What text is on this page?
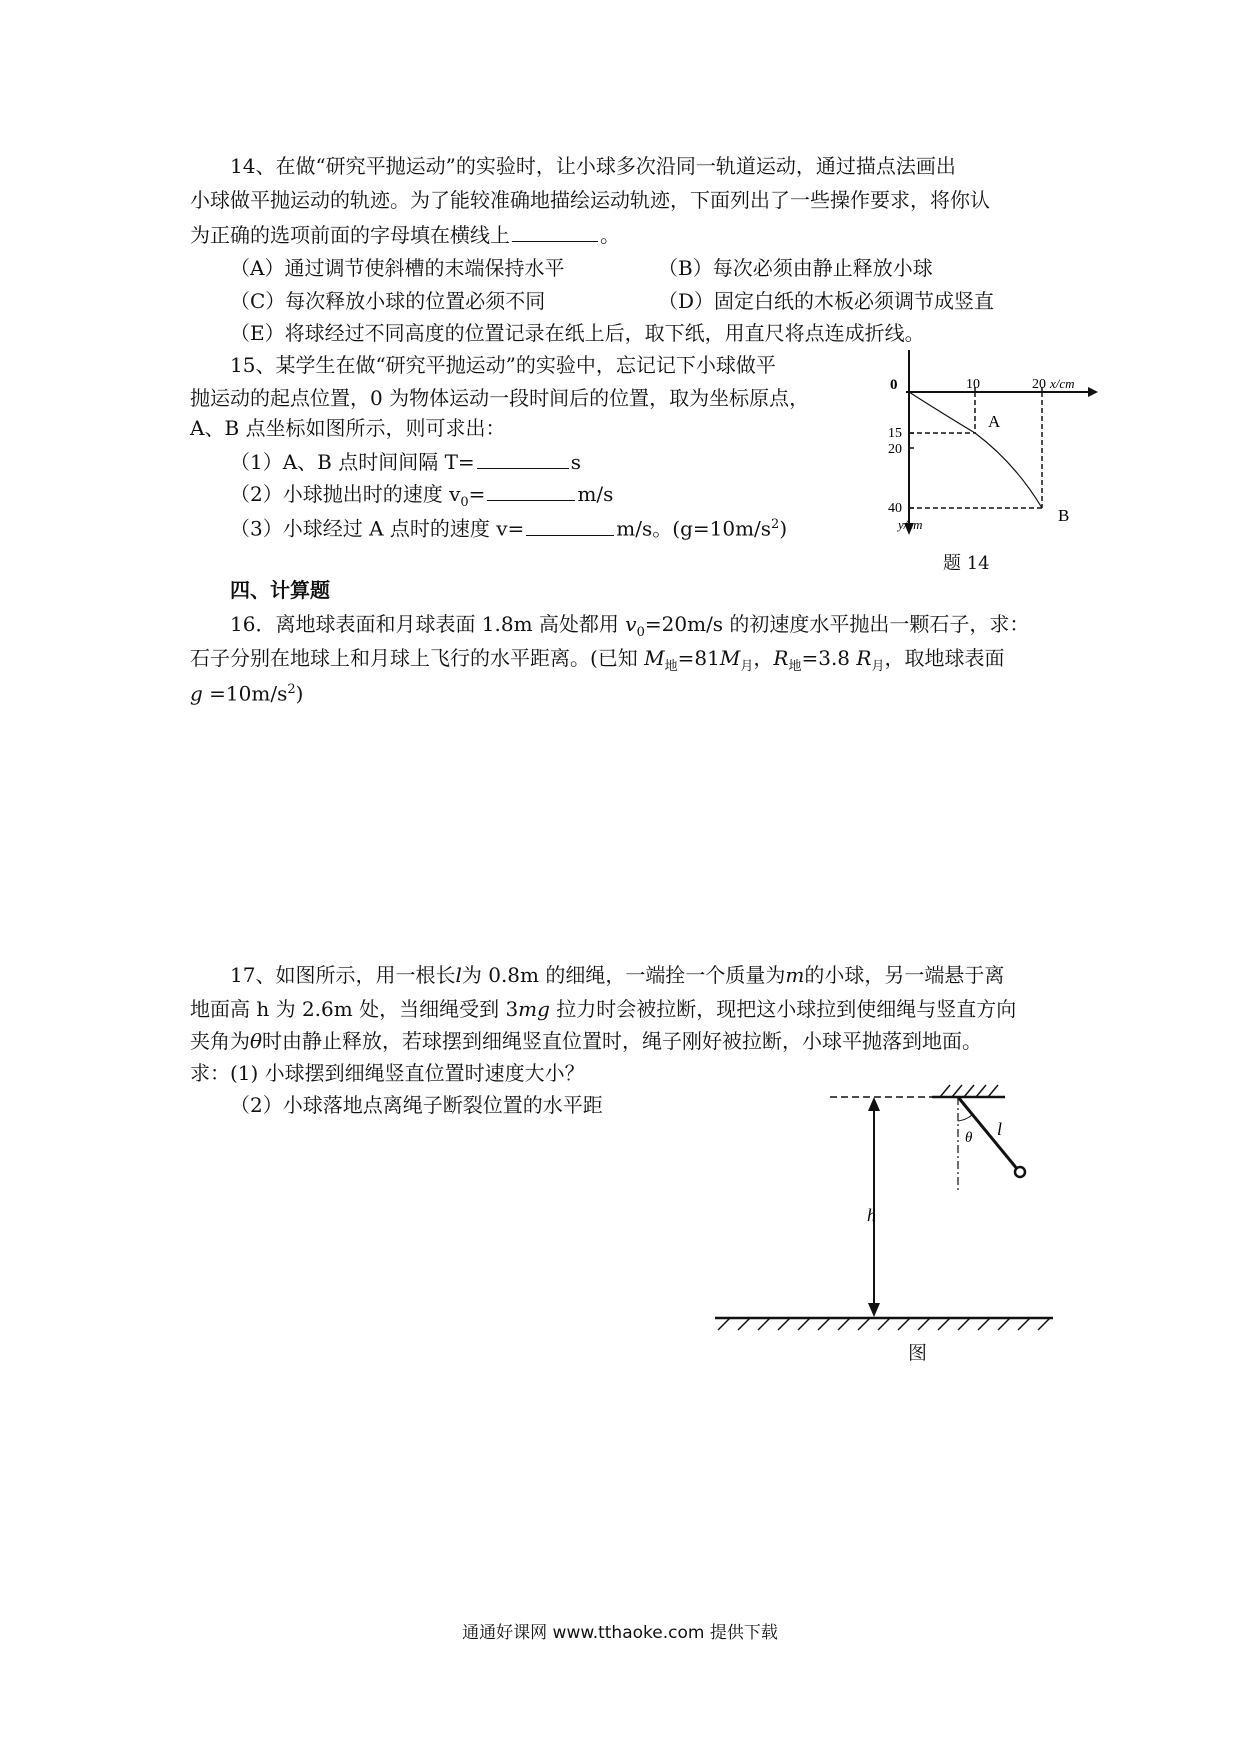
14、在做“研究平抛运动”的实验时，让小球多次沿同一轨道运动，通过描点法画出
小球做平抛运动的轨迹。为了能较准确地描绘运动轨迹，下面列出了一些操作要求，将你认
为正确的选项前面的字母填在横线上	。
（A）通过调节使斜槽的末端保持水平	（B）每次必须由静止释放小球
（C）每次释放小球的位置必须不同	（D）固定白纸的木板必须调节成竖直
（E）将球经过不同高度的位置记录在纸上后，取下纸，用直尺将点连成折线。
15、某学生在做“研究平抛运动”的实验中，忘记记下小球做平
抛运动的起点位置，0 为物体运动一段时间后的位置，取为坐标原点，
A、B 点坐标如图所示，则可求出：
（1）A、B 点时间间隔 T=	s
（2）小球抛出时的速度 $v_0=$	m/s
（3）小球经过 A 点时的速度 v=	m/s。$(g=10m/s^2)$
0	10	20 x/cm
15
20
40
y/cm
A
B
题 14
四、计算题
16．离地球表面和月球表面 1.8m 高处都用 $v_0=20m/s$ 的初速度水平抛出一颗石子，求：
石子分别在地球上和月球上飞行的水平距离。(已知 $M_地=81M_月$，$R_地=3.8$ $R_月$，取地球表面
$g =10m/s^2$)
17、如图所示，用一根长l为 0.8m 的细绳，一端拴一个质量为m的小球，另一端悬于离
地面高 h 为 2.6m 处，当细绳受到 3mg 拉力时会被拉断，现把这小球拉到使细绳与竖直方向
夹角为θ时由静止释放，若球摆到细绳竖直位置时，绳子刚好被拉断，小球平抛落到地面。
求：(1) 小球摆到细绳竖直位置时速度大小？
（2）小球落地点离绳子断裂位置的水平距
θ l
h
图
通通好课网 www.tthaoke.com 提供下载
